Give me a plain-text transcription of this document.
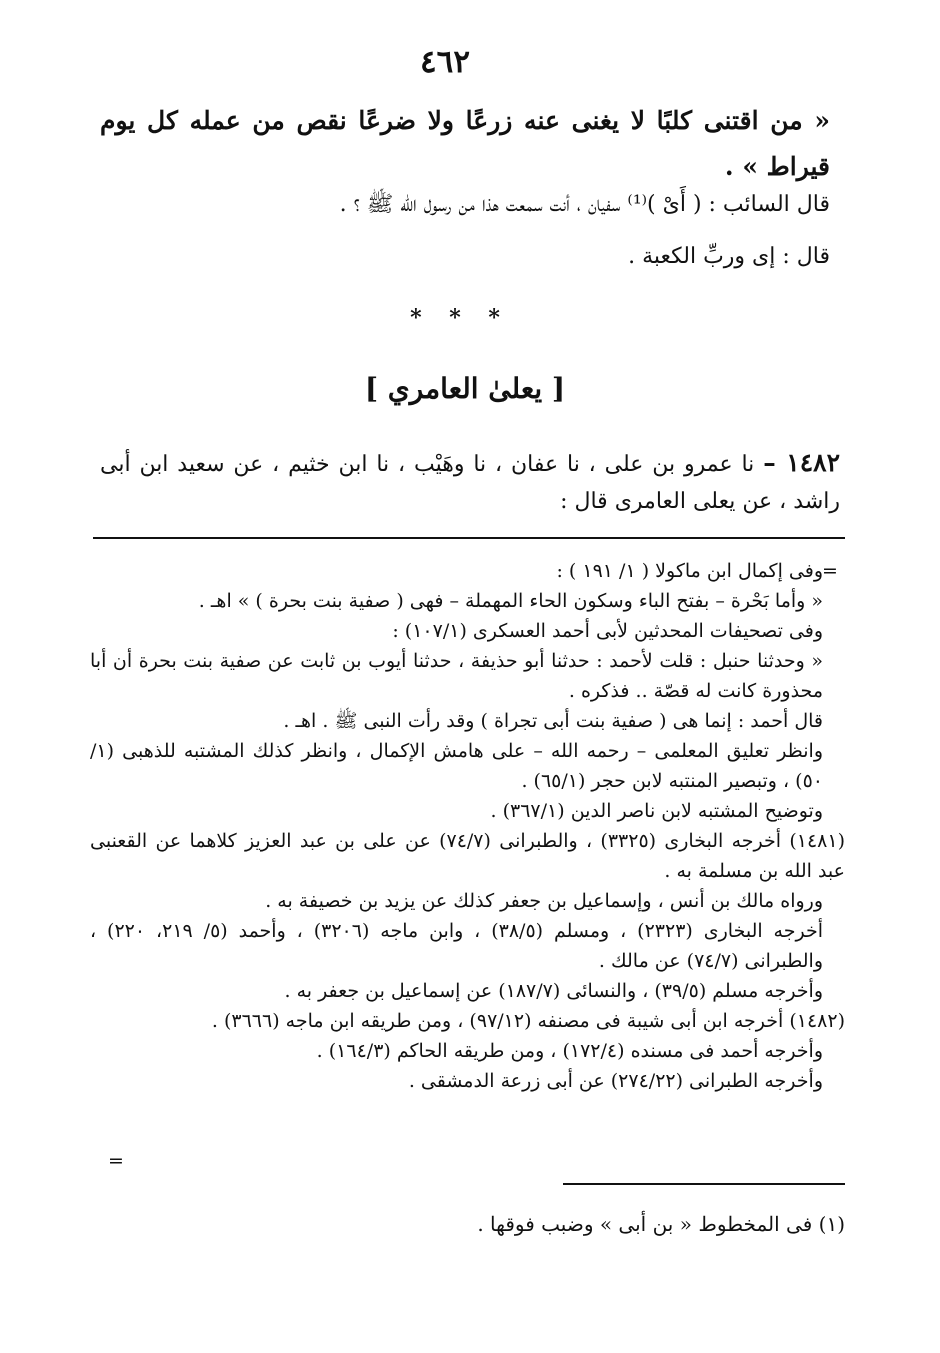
٤٦٢
« من اقتنى كلبًا لا يغنى عنه زرعًا ولا ضرعًا نقص من عمله كل يوم قيراط » .
قال السائب : ( أَىْ )⁽¹⁾ سفيان ، أنت سمعت هذا من رسول الله ﷺ ؟ .
قال : إى وربِّ الكعبة .
* * *
[ يعلىٰ العامري ]
١٤٨٢ – نا عمرو بن على ، نا عفان ، نا وهَيْب ، نا ابن خثيم ، عن سعيد ابن أبى راشد ، عن يعلى العامرى قال :
=

وفى إكمال ابن ماكولا ( ١/ ١٩١ ) :

« وأما بَحْرة – بفتح الباء وسكون الحاء المهملة – فهى ( صفية بنت بحرة ) » اهـ .

وفى تصحيفات المحدثين لأبى أحمد العسكرى (١٠٧/١) :

« وحدثنا حنبل : قلت لأحمد : حدثنا أبو حذيفة ، حدثنا أيوب بن ثابت عن صفية بنت بحرة أن أبا محذورة كانت له قصّة .. فذكره .

قال أحمد : إنما هى ( صفية بنت أبى تجراة ) وقد رأت النبى ﷺ . اهـ .

وانظر تعليق المعلمى – رحمه الله – على هامش الإكمال ، وانظر كذلك المشتبه للذهبى (١/ ٥٠) ، وتبصير المنتبه لابن حجر (٦٥/١) .

وتوضيح المشتبه لابن ناصر الدين (٣٦٧/١) .

(١٤٨١) أخرجه البخارى (٣٣٢٥) ، والطبرانى (٧٤/٧) عن على بن عبد العزيز كلاهما عن القعنبى عبد الله بن مسلمة به .

ورواه مالك بن أنس ، وإسماعيل بن جعفر كذلك عن يزيد بن خصيفة به .

أخرجه البخارى (٢٣٢٣) ، ومسلم (٣٨/٥) ، وابن ماجه (٣٢٠٦) ، وأحمد (٥/ ٢١٩، ٢٢٠) ، والطبرانى (٧٤/٧) عن مالك .

وأخرجه مسلم (٣٩/٥) ، والنسائى (١٨٧/٧) عن إسماعيل بن جعفر به .

(١٤٨٢) أخرجه ابن أبى شيبة فى مصنفه (٩٧/١٢) ، ومن طريقه ابن ماجه (٣٦٦٦) .

وأخرجه أحمد فى مسنده (١٧٢/٤) ، ومن طريقه الحاكم (١٦٤/٣) .

وأخرجه الطبرانى (٢٧٤/٢٢) عن أبى زرعة الدمشقى .

=
(١) فى المخطوط « بن أبى » وضبب فوقها .
